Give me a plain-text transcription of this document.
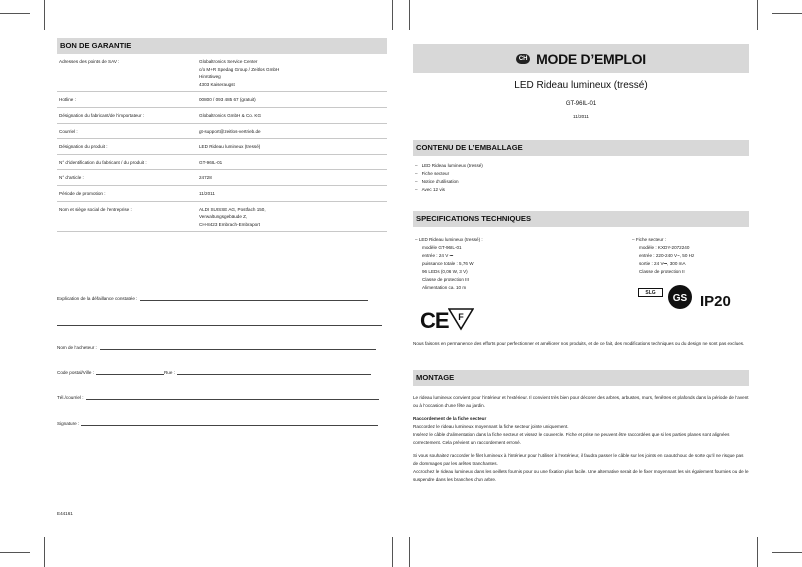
BON DE GARANTIE
Adresses des points de SAV :	Globaltronics Service Center
c/o M+R Spedag Group / Zeitlos GmbH
Hinrütiweg
4303 Kaiseraugst

Hotline :	00800 / 093 485 67 (gratuit)

Désignation du fabricant/de l’importateur :	Globaltronics GmbH & Co. KG

Courriel :	gt-support@zeitlos-vertrieb.de

Désignation du produit :	LED Rideau lumineux (tressé)

N° d’identification du fabricant / du produit :	GT-96IL-01

N° d’article :	24728

Période de promotion :	11/2011

Nom et siège social de l’entreprise :	ALDI SUISSE AG, Postfach 150,
Verwaltungsgebäude Z,
CH-8423 Embrach-Embraport
Explication de la défaillance constatée :
Nom de l’acheteur :
Code postal/Ville :	Rue :
Tél./courriel :
Signature :
E44161
CH MODE D’EMPLOI
LED Rideau lumineux (tressé)
GT-96IL-01
11/2011
CONTENU DE L’EMBALLAGE
– LED Rideau lumineux (tressé)
– Fiche secteur
– Notice d’utilisation
– Avec 12 vis
SPECIFICATIONS TECHNIQUES
– LED Rideau lumineux (tressé) :
modèle GT-96IL-01
entrée : 24 V ⎓
puissance totale : 5,76 W
96 LEDs (0,06 W, 3 V)
Classe de protection III
Alimentation ca. 10 m
– Fiche secteur :
modèle : KXDY-2072240
entrée : 220-240 V~, 50 Hz
sortie : 24 V⎓, 300 mA
Classe de protection II
CE F
SLG
GS IP20
Nous faisons en permanence des efforts pour perfectionner et améliorer nos produits, et de ce fait, des modifications techniques ou du design ne sont pas exclues.
MONTAGE
Le rideau lumineux convient pour l’intérieur et l’extérieur. Il convient très bien pour décorer des arbres, arbustes, murs, fenêtres et plafonds dans la période de l’avent ou à l’occasion d’une fête au jardin.
Raccordement de la fiche secteur
Raccordez le rideau lumineux moyennant la fiche secteur jointe uniquement.
Insérez le câble d’alimentation dans la fiche secteur et vissez le couvercle. Fiche et prise ne peuvent être raccordées que si les parties planes sont alignées correctement. Cela prévient un raccordement erroné.
Si vous souhaitez raccorder le filet lumineux à l’intérieur pour l’utiliser à l’extérieur, il faudra passer le câble sur les joints en caoutchouc de sorte qu’il ne risque pas de dommages par les arêtes tranchantes.
Accrochez le rideau lumineux dans les oeillets fournis pour ou une fixation plus facile. Une alternative serait de le fixer moyennant les vis également fournies ou de le suspendre dans les branches d’un arbre.
